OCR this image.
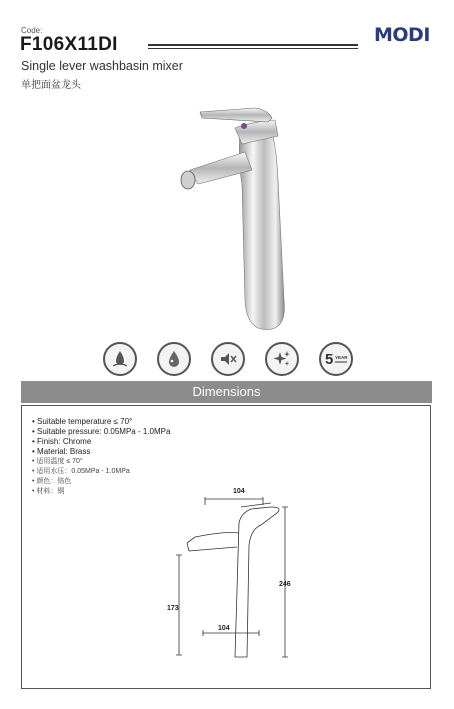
Code:
F106X11DI	MODI
Single lever washbasin mixer
单把面盆龙头
5 YEAR
Dimensions
• Suitable temperature ≤ 70°
• Suitable pressure: 0.05MPa - 1.0MPa
• Finish: Chrome
• Material: Brass
• 适用温度 ≤ 70°
• 适用水压：0.05MPa - 1.0MPa
• 颜色：铬色
• 材料：铜	104
246
173
104
